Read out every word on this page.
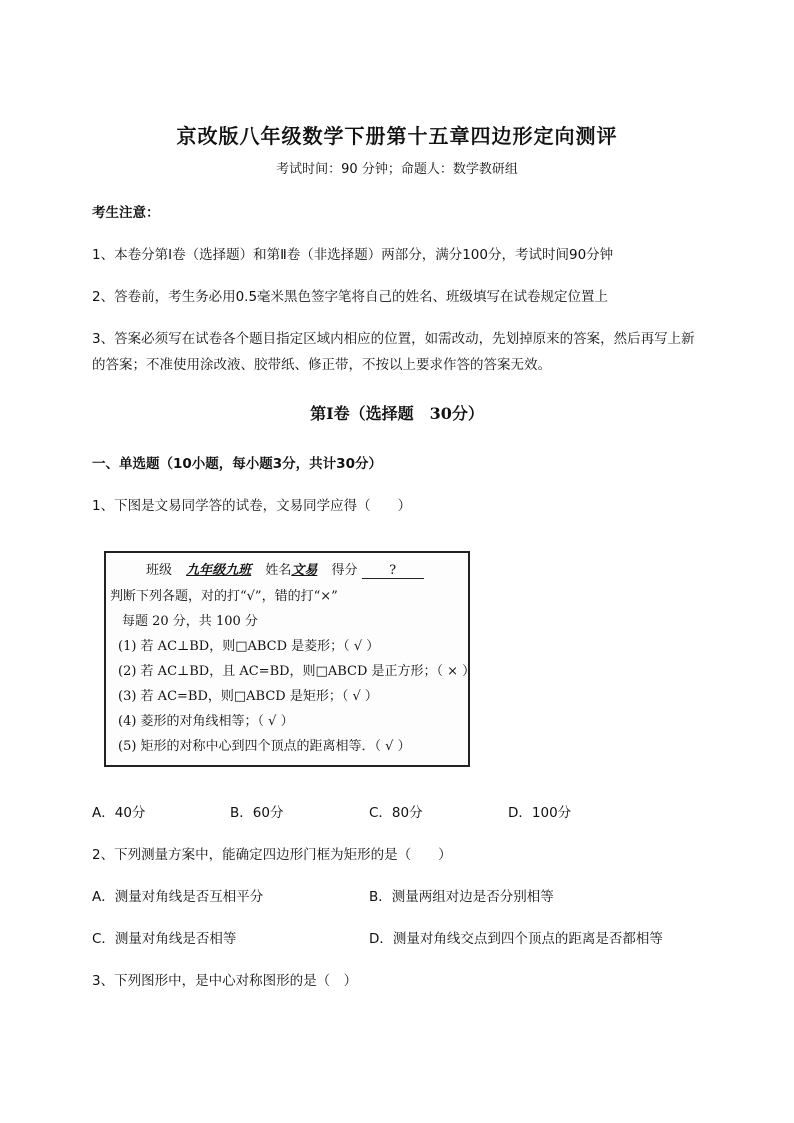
京改版八年级数学下册第十五章四边形定向测评
考试时间：90 分钟；命题人：数学教研组
考生注意：
1、本卷分第Ⅰ卷（选择题）和第Ⅱ卷（非选择题）两部分，满分100分，考试时间90分钟
2、答卷前，考生务必用0.5毫米黑色签字笔将自己的姓名、班级填写在试卷规定位置上
3、答案必须写在试卷各个题目指定区域内相应的位置，如需改动，先划掉原来的答案，然后再写上新
的答案；不准使用涂改液、胶带纸、修正带，不按以上要求作答的答案无效。
第Ⅰ卷（选择题　30分）
一、单选题（10小题，每小题3分，共计30分）
1、下图是文易同学答的试卷，文易同学应得（　　）
班级 九年级九班 姓名文易 得分 ?
判断下列各题，对的打“√”，错的打“×”
每题 20 分，共 100 分
(1) 若 AC⊥BD，则□ABCD 是菱形；（ √ ）
(2) 若 AC⊥BD，且 AC=BD，则□ABCD 是正方形；（ × ）
(3) 若 AC=BD，则□ABCD 是矩形；（ √ ）
(4) 菱形的对角线相等；（ √ ）
(5) 矩形的对称中心到四个顶点的距离相等．（ √ ）
A．40分	B．60分	C．80分	D．100分
2、下列测量方案中，能确定四边形门框为矩形的是（　　）
A．测量对角线是否互相平分	B．测量两组对边是否分别相等
C．测量对角线是否相等	D．测量对角线交点到四个顶点的距离是否都相等
3、下列图形中，是中心对称图形的是（　）
